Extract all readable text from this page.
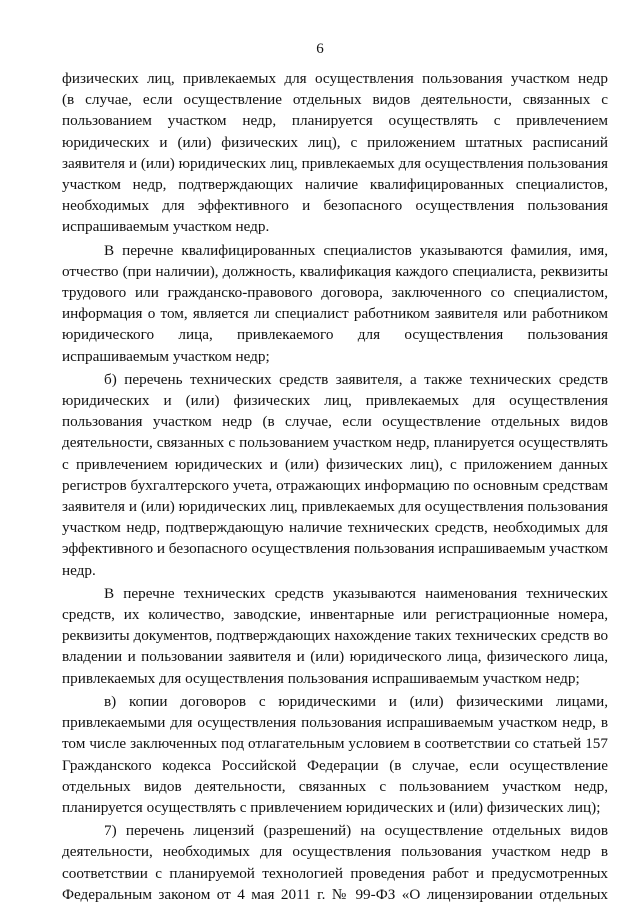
6

физических лиц, привлекаемых для осуществления пользования участком недр
(в случае, если осуществление отдельных видов деятельности, связанных с
пользованием участком недр, планируется осуществлять с привлечением
юридических и (или) физических лиц), с приложением штатных расписаний
заявителя и (или) юридических лиц, привлекаемых для осуществления пользования
участком недр, подтверждающих наличие квалифицированных специалистов,
необходимых для эффективного и безопасного осуществления пользования
испрашиваемым участком недр.

В перечне квалифицированных специалистов указываются фамилия, имя,
отчество (при наличии), должность, квалификация каждого специалиста, реквизиты
трудового или гражданско-правового договора, заключенного со специалистом,
информация о том, является ли специалист работником заявителя или работником
юридического лица, привлекаемого для осуществления пользования
испрашиваемым участком недр;

б) перечень технических средств заявителя, а также технических средств
юридических и (или) физических лиц, привлекаемых для осуществления
пользования участком недр (в случае, если осуществление отдельных видов
деятельности, связанных с пользованием участком недр, планируется осуществлять
с привлечением юридических и (или) физических лиц), с приложением данных
регистров бухгалтерского учета, отражающих информацию по основным средствам
заявителя и (или) юридических лиц, привлекаемых для осуществления пользования
участком недр, подтверждающую наличие технических средств, необходимых для
эффективного и безопасного осуществления пользования испрашиваемым участком
недр.

В перечне технических средств указываются наименования технических
средств, их количество, заводские, инвентарные или регистрационные номера,
реквизиты документов, подтверждающих нахождение таких технических средств во
владении и пользовании заявителя и (или) юридического лица, физического лица,
привлекаемых для осуществления пользования испрашиваемым участком недр;

в) копии договоров с юридическими и (или) физическими лицами,
привлекаемыми для осуществления пользования испрашиваемым участком недр, в
том числе заключенных под отлагательным условием в соответствии со статьей 157
Гражданского кодекса Российской Федерации (в случае, если осуществление
отдельных видов деятельности, связанных с пользованием участком недр,
планируется осуществлять с привлечением юридических и (или) физических лиц);

7) перечень лицензий (разрешений) на осуществление отдельных видов
деятельности, необходимых для осуществления пользования участком недр в
соответствии с планируемой технологией проведения работ и предусмотренных
Федеральным законом от 4 мая 2011 г. № 99-ФЗ «О лицензировании отдельных
